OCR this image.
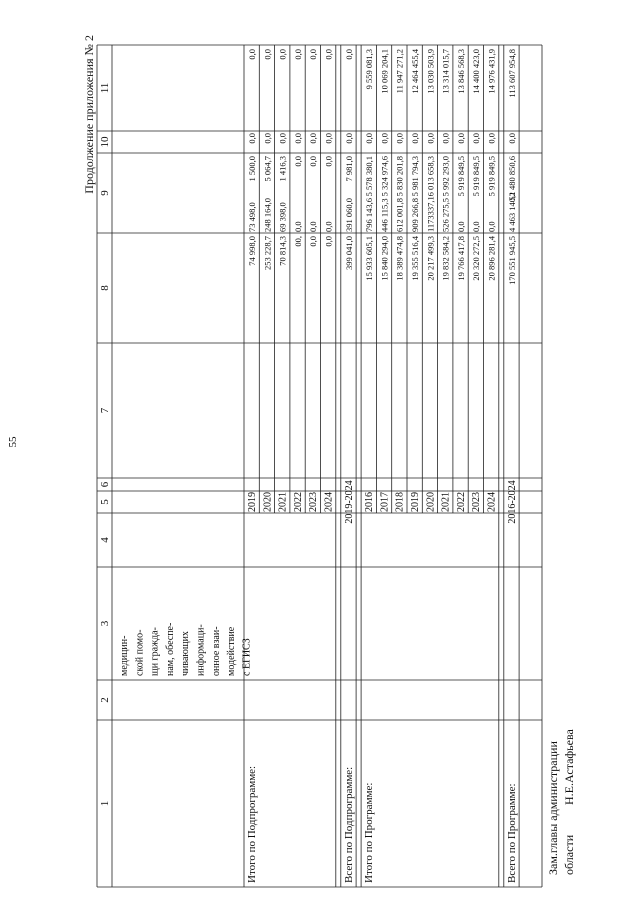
55
Продолжение приложения № 2
1
2
3
4
5
6
7
8
9
10
11
медицин- ской помо- щи гражда- нам, обеспе- чивающих информаци- онное взаи- модействие с ЕГИСЗ
2019
74 998,0
73 498,0
1 500,0
0,0
0,0
2020
253 228,7
248 164,0
5 064,7
0,0
0,0
2021
70 814,3
69 398,0
1 416,3
0,0
0,0
2022
00,
0,0
0,0
0,0
0,0
2023
0,0
0,0
0,0
0,0
0,0
2024
0,0
0,0
0,0
0,0
0,0
Итого по Подпрограмме:
2019-2024
399 041,0
391 060,0
7 981,0
0,0
0,0
Всего по Подпрограмме:
2016
15 933 605,1
796 143,6
5 578 380,1
0,0
9 559 081,3
2017
15 840 294,0
446 115,3
5 324 974,6
0,0
10 069 204,1
2018
18 389 474,8
612 001,8
5 830 201,8
0,0
11 947 271,2
2019
19 355 516,4
909 266,8
5 981 794,3
0,0
12 464 455,4
2020
20 217 499,3
1173337,1
6 013 658,3
0,0
13 030 503,9
2021
19 832 584,2
526 275,5
5 992 293,0
0,0
13 314 015,7
2022
19 766 417,8
0,0
5 919 849,5
0,0
13 846 568,3
2023
20 320 272,5
0,0
5 919 849,5
0,0
14 400 423,0
2024
20 896 281,4
0,0
5 919 849,5
0,0
14 976 431,9
Итого по Программе:
2016-2024
170 551 945,5
4 463 140,1
52 480 850,6
0,0
113 607 954,8
Всего по Программе: Зам.главы администрации области
Н.Е.Астафьева
